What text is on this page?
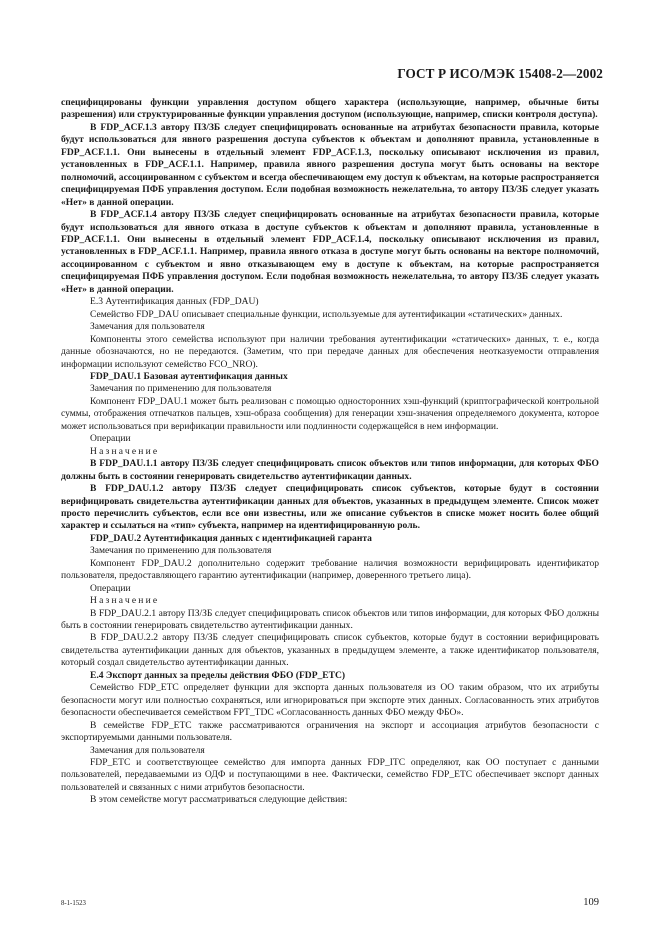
ГОСТ Р ИСО/МЭК 15408-2—2002

специфицированы функции управления доступом общего характера (использующие, например, обычные биты разрешения) или структурированные функции управления доступом (использующие, например, списки контроля доступа).

В FDP_ACF.1.3 автору ПЗ/ЗБ следует специфицировать основанные на атрибутах безопасности правила, которые будут использоваться для явного разрешения доступа субъектов к объектам и дополняют правила, установленные в FDP_ACF.1.1. Они вынесены в отдельный элемент FDP_ACF.1.3, поскольку описывают исключения из правил, установленных в FDP_ACF.1.1. Например, правила явного разрешения доступа могут быть основаны на векторе полномочий, ассоциированном с субъектом и всегда обеспечивающем ему доступ к объектам, на которые распространяется специфицируемая ПФБ управления доступом. Если подобная возможность нежелательна, то автору ПЗ/ЗБ следует указать «Нет» в данной операции.

В FDP_ACF.1.4 автору ПЗ/ЗБ следует специфицировать основанные на атрибутах безопасности правила, которые будут использоваться для явного отказа в доступе субъектов к объектам и дополняют правила, установленные в FDP_ACF.1.1. Они вынесены в отдельный элемент FDP_ACF.1.4, поскольку описывают исключения из правил, установленных в FDP_ACF.1.1. Например, правила явного отказа в доступе могут быть основаны на векторе полномочий, ассоциированном с субъектом и явно отказывающем ему в доступе к объектам, на которые распространяется специфицируемая ПФБ управления доступом. Если подобная возможность нежелательна, то автору ПЗ/ЗБ следует указать «Нет» в данной операции.

Е.3 Аутентификация данных (FDP_DAU)

Семейство FDP_DAU описывает специальные функции, используемые для аутентификации «статических» данных.

Замечания для пользователя

Компоненты этого семейства используют при наличии требования аутентификации «статических» данных, т. е., когда данные обозначаются, но не передаются. (Заметим, что при передаче данных для обеспечения неотказуемости отправления информации используют семейство FCO_NRO).

FDP_DAU.1 Базовая аутентификация данных

Замечания по применению для пользователя

Компонент FDP_DAU.1 может быть реализован с помощью односторонних хэш-функций (криптографической контрольной суммы, отображения отпечатков пальцев, хэш-образа сообщения) для генерации хэш-значения определяемого документа, которое может использоваться при верификации правильности или подлинности содержащейся в нем информации.

Операции

Назначение

В FDP_DAU.1.1 автору ПЗ/ЗБ следует специфицировать список объектов или типов информации, для которых ФБО должны быть в состоянии генерировать свидетельство аутентификации данных.

В FDP_DAU.1.2 автору ПЗ/ЗБ следует специфицировать список субъектов, которые будут в состоянии верифицировать свидетельства аутентификации данных для объектов, указанных в предыдущем элементе. Список может просто перечислить субъектов, если все они известны, или же описание субъектов в списке может носить более общий характер и ссылаться на «тип» субъекта, например на идентифицированную роль.

FDP_DAU.2 Аутентификация данных с идентификацией гаранта

Замечания по применению для пользователя

Компонент FDP_DAU.2 дополнительно содержит требование наличия возможности верифицировать идентификатор пользователя, предоставляющего гарантию аутентификации (например, доверенного третьего лица).

Операции

Назначение

В FDP_DAU.2.1 автору ПЗ/ЗБ следует специфицировать список объектов или типов информации, для которых ФБО должны быть в состоянии генерировать свидетельство аутентификации данных.

В FDP_DAU.2.2 автору ПЗ/ЗБ следует специфицировать список субъектов, которые будут в состоянии верифицировать свидетельства аутентификации данных для объектов, указанных в предыдущем элементе, а также идентификатор пользователя, который создал свидетельство аутентификации данных.

Е.4 Экспорт данных за пределы действия ФБО (FDP_ETC)

Семейство FDP_ETC определяет функции для экспорта данных пользователя из ОО таким образом, что их атрибуты безопасности могут или полностью сохраняться, или игнорироваться при экспорте этих данных. Согласованность этих атрибутов безопасности обеспечивается семейством FPT_TDC «Согласованность данных ФБО между ФБО».

В семействе FDP_ETC также рассматриваются ограничения на экспорт и ассоциация атрибутов безопасности с экспортируемыми данными пользователя.

Замечания для пользователя

FDP_ETC и соответствующее семейство для импорта данных FDP_ITC определяют, как ОО поступает с данными пользователей, передаваемыми из ОДФ и поступающими в нее. Фактически, семейство FDP_ETC обеспечивает экспорт данных пользователей и связанных с ними атрибутов безопасности.

В этом семействе могут рассматриваться следующие действия:

8-1-1523	109
